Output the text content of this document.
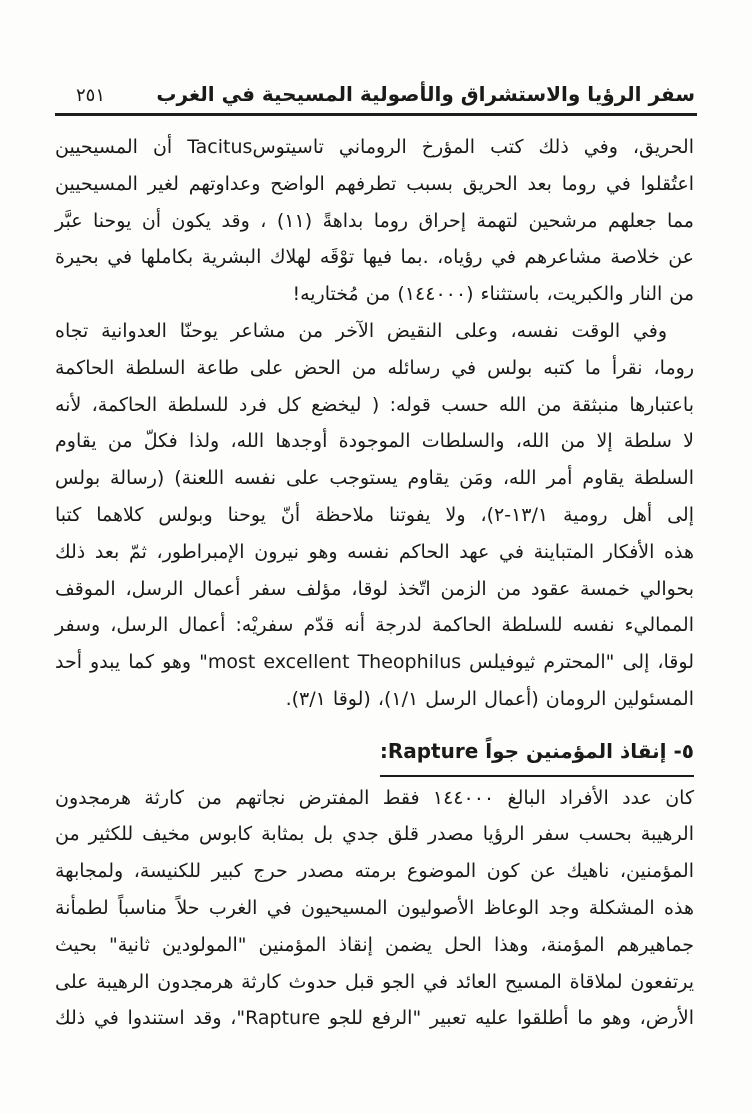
سفر الرؤيا والاستشراق والأصولية المسيحية في الغرب
٢٥١
الحريق، وفي ذلك كتب المؤرخ الروماني تاسيتوسTacitus أن المسيحيين
اعتُقلوا في روما بعد الحريق بسبب تطرفهم الواضح وعداوتهم لغير المسيحيين
مما جعلهم مرشحين لتهمة إحراق روما بداهةً (١١) ، وقد يكون أن يوحنا عبَّر
عن خلاصة مشاعرهم في رؤياه، .بما فيها توْقَه لهلاك البشرية بكاملها في بحيرة
من النار والكبريت، باستثناء (١٤٤٠٠٠) من مُختاريه!
وفي الوقت نفسه، وعلى النقيض الآخر من مشاعر يوحنّا العدوانية تجاه
روما، نقرأ ما كتبه بولس في رسائله من الحض على طاعة السلطة الحاكمة
باعتبارها منبثقة من الله حسب قوله: ( ليخضع كل فرد للسلطة الحاكمة، لأنه
لا سلطة إلا من الله، والسلطات الموجودة أوجدها الله، ولذا فكلّ من يقاوم
السلطة يقاوم أمر الله، ومَن يقاوم يستوجب على نفسه اللعنة) (رسالة بولس
إلى أهل رومية ١٣/١-٢)، ولا يفوتنا ملاحظة أنّ يوحنا وبولس كلاهما كتبا
هذه الأفكار المتباينة في عهد الحاكم نفسه وهو نيرون الإمبراطور، ثمّ بعد ذلك
بحوالي خمسة عقود من الزمن اتّخذ لوقا، مؤلف سفر أعمال الرسل، الموقف
المماليء نفسه للسلطة الحاكمة لدرجة أنه قدّم سفريْه: أعمال الرسل، وسفر
لوقا، إلى "المحترم ثيوفيلس most excellent Theophilus" وهو كما يبدو أحد
المسئولين الرومان (أعمال الرسل ١/١)، (لوقا ٣/١).
٥- إنقاذ المؤمنين جواً Rapture:
كان عدد الأفراد البالغ ١٤٤٠٠٠ فقط المفترض نجاتهم من كارثة هرمجدون
الرهيبة بحسب سفر الرؤيا مصدر قلق جدي بل بمثابة كابوس مخيف للكثير من
المؤمنين، ناهيك عن كون الموضوع برمته مصدر حرج كبير للكنيسة، ولمجابهة
هذه المشكلة وجد الوعاظ الأصوليون المسيحيون في الغرب حلاً مناسباً لطمأنة
جماهيرهم المؤمنة، وهذا الحل يضمن إنقاذ المؤمنين "المولودين ثانية" بحيث
يرتفعون لملاقاة المسيح العائد في الجو قبل حدوث كارثة هرمجدون الرهيبة على
الأرض، وهو ما أطلقوا عليه تعبير "الرفع للجو Rapture"، وقد استندوا في ذلك
